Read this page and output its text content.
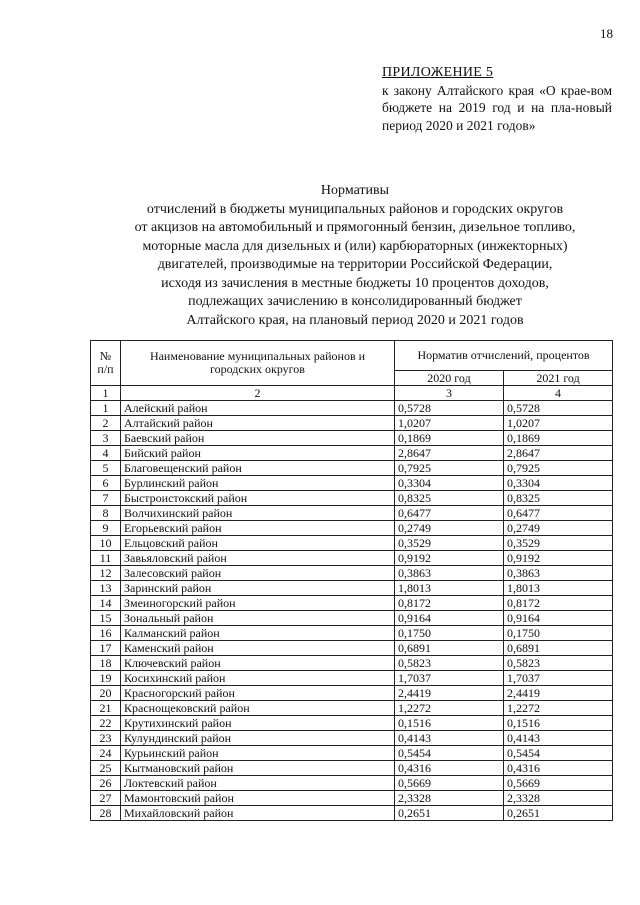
18
ПРИЛОЖЕНИЕ 5
к закону Алтайского края «О крае-вом бюджете на 2019 год и на пла-новый период 2020 и 2021 годов»
Нормативы
отчислений в бюджеты муниципальных районов и городских округов
от акцизов на автомобильный и прямогонный бензин, дизельное топливо,
моторные масла для дизельных и (или) карбюраторных (инжекторных)
двигателей, производимые на территории Российской Федерации,
исходя из зачисления в местные бюджеты 10 процентов доходов,
подлежащих зачислению в консолидированный бюджет
Алтайского края, на плановый период 2020 и 2021 годов
№ п/п	Наименование муниципальных районов и городских округов	Норматив отчислений, процентов	
		2020 год	2021 год
1	2	3	4
1	Алейский район	0,5728	0,5728
2	Алтайский район	1,0207	1,0207
3	Баевский район	0,1869	0,1869
4	Бийский район	2,8647	2,8647
5	Благовещенский район	0,7925	0,7925
6	Бурлинский район	0,3304	0,3304
7	Быстроистокский район	0,8325	0,8325
8	Волчихинский район	0,6477	0,6477
9	Егорьевский район	0,2749	0,2749
10	Ельцовский район	0,3529	0,3529
11	Завьяловский район	0,9192	0,9192
12	Залесовский район	0,3863	0,3863
13	Заринский район	1,8013	1,8013
14	Змеиногорский район	0,8172	0,8172
15	Зональный район	0,9164	0,9164
16	Калманский район	0,1750	0,1750
17	Каменский район	0,6891	0,6891
18	Ключевский район	0,5823	0,5823
19	Косихинский район	1,7037	1,7037
20	Красногорский район	2,4419	2,4419
21	Краснощековский район	1,2272	1,2272
22	Крутихинский район	0,1516	0,1516
23	Кулундинский район	0,4143	0,4143
24	Курьинский район	0,5454	0,5454
25	Кытмановский район	0,4316	0,4316
26	Локтевский район	0,5669	0,5669
27	Мамонтовский район	2,3328	2,3328
28	Михайловский район	0,2651	0,2651
